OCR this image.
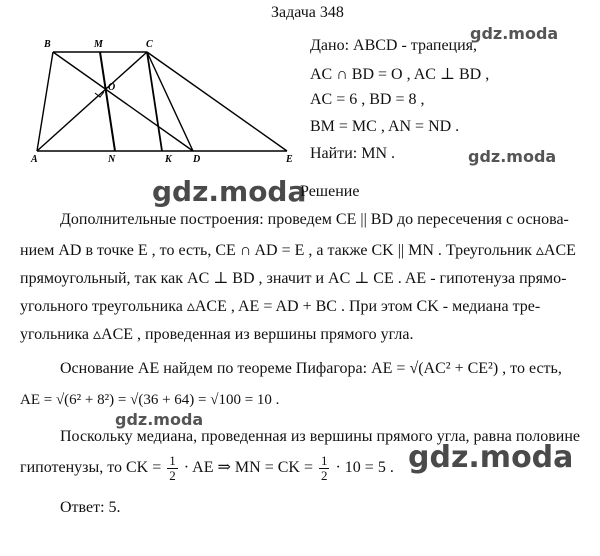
Задача 348
B	M	C
O
A	N	K D	E
Дано: ABCD - трапеция,
AC ∩ BD = O , AC ⊥ BD ,
AC = 6 , BD = 8 ,
BM = MC , AN = ND .
Найти: MN .
gdz.moda
gdz.moda
gdz.moda
gdz.moda
gdz.moda
Решение
Дополнительные построения: проведем CE || BD до пересечения с основа-
нием AD в точке E , то есть, CE ∩ AD = E , а также CK || MN . Треугольник ▵ACE
прямоугольный, так как AC ⊥ BD , значит и AC ⊥ CE . AE - гипотенуза прямо-
угольного треугольника ▵ACE , AE = AD + BC . При этом CK - медиана тре-
угольника ▵ACE , проведенная из вершины прямого угла.
Основание AE найдем по теореме Пифагора: AE = √(AC² + CE²) , то есть,
AE = √(6² + 8²) = √(36 + 64) = √100 = 10 .
Поскольку медиана, проведенная из вершины прямого угла, равна половине
гипотенузы, то CK = $\frac{1}{2}$ · AE ⇒ MN = CK = $\frac{1}{2} \cdot 10 = 5$ .
Ответ: 5.
